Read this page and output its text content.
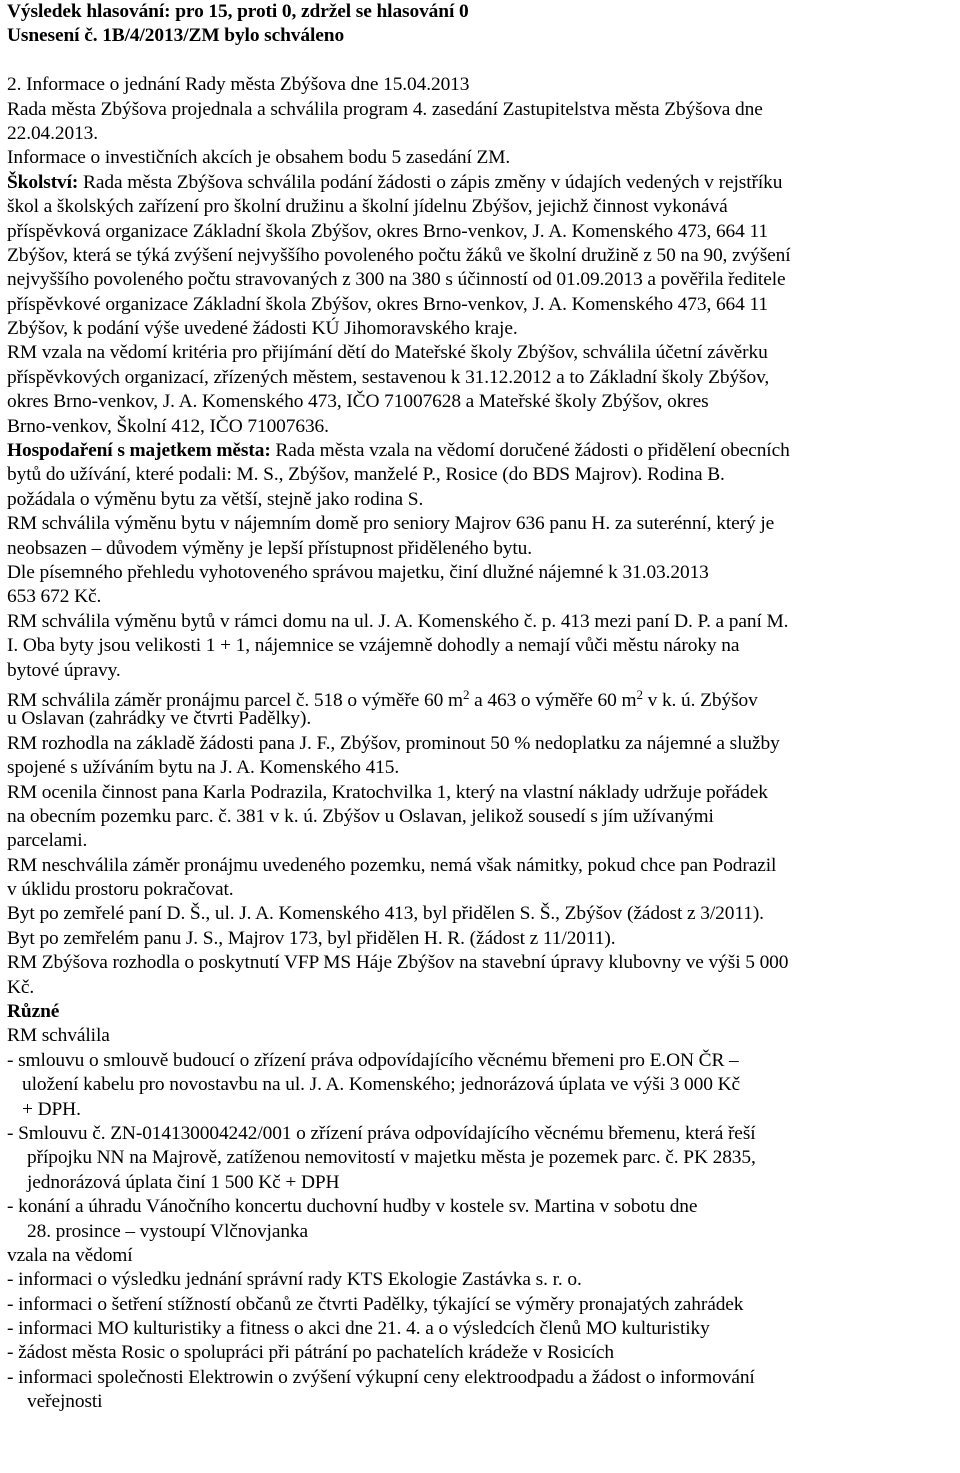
Výsledek hlasování: pro 15, proti 0, zdržel se hlasování 0
Usnesení č. 1B/4/2013/ZM bylo schváleno
2. Informace o jednání Rady města Zbýšova dne 15.04.2013
Rada města Zbýšova projednala a schválila program 4. zasedání Zastupitelstva města Zbýšova dne
22.04.2013.
Informace o investičních akcích je obsahem bodu 5 zasedání ZM.
Školství: Rada města Zbýšova schválila podání žádosti o zápis změny v údajích vedených v rejstříku
škol a školských zařízení pro školní družinu a školní jídelnu Zbýšov, jejichž činnost vykonává
příspěvková organizace Základní škola Zbýšov, okres Brno-venkov, J. A. Komenského 473, 664 11
Zbýšov, která se týká zvýšení nejvyššího povoleného počtu žáků ve školní družině z 50 na 90, zvýšení
nejvyššího povoleného počtu stravovaných z 300 na 380 s účinností od 01.09.2013 a pověřila ředitele
příspěvkové organizace Základní škola Zbýšov, okres Brno-venkov, J. A. Komenského 473, 664 11
Zbýšov, k podání výše uvedené žádosti KÚ Jihomoravského kraje.
RM vzala na vědomí kritéria pro přijímání dětí do Mateřské školy Zbýšov, schválila účetní závěrku
příspěvkových organizací, zřízených městem, sestavenou k 31.12.2012 a to Základní školy Zbýšov,
okres Brno-venkov, J. A. Komenského 473, IČO 71007628 a Mateřské školy Zbýšov, okres
Brno-venkov, Školní 412, IČO 71007636.
Hospodaření s majetkem města: Rada města vzala na vědomí doručené žádosti o přidělení obecních
bytů do užívání, které podali: M. S., Zbýšov, manželé P., Rosice (do BDS Majrov). Rodina B.
požádala o výměnu bytu za větší, stejně jako rodina S.
RM schválila výměnu bytu v nájemním domě pro seniory Majrov 636 panu H. za suterénní, který je
neobsazen – důvodem výměny je lepší přístupnost přiděleného bytu.
Dle písemného přehledu vyhotoveného správou majetku, činí dlužné nájemné k 31.03.2013
653 672 Kč.
RM schválila výměnu bytů v rámci domu na ul. J. A. Komenského č. p. 413 mezi paní D. P. a paní M.
I. Oba byty jsou velikosti 1 + 1, nájemnice se vzájemně dohodly a nemají vůči městu nároky na
bytové úpravy.
RM schválila záměr pronájmu parcel č. 518 o výměře 60 $m^2$ a 463 o výměře 60 $m^2$ v k. ú. Zbýšov
u Oslavan (zahrádky ve čtvrti Padělky).
RM rozhodla na základě žádosti pana J. F., Zbýšov, prominout 50 % nedoplatku za nájemné a služby
spojené s užíváním bytu na J. A. Komenského 415.
RM ocenila činnost pana Karla Podrazila, Kratochvilka 1, který na vlastní náklady udržuje pořádek
na obecním pozemku parc. č. 381 v k. ú. Zbýšov u Oslavan, jelikož sousedí s jím užívanými
parcelami.
RM neschválila záměr pronájmu uvedeného pozemku, nemá však námitky, pokud chce pan Podrazil
v úklidu prostoru pokračovat.
Byt po zemřelé paní D. Š., ul. J. A. Komenského 413, byl přidělen S. Š., Zbýšov (žádost z 3/2011).
Byt po zemřelém panu J. S., Majrov 173, byl přidělen H. R. (žádost z 11/2011).
RM Zbýšova rozhodla o poskytnutí VFP MS Háje Zbýšov na stavební úpravy klubovny ve výši 5 000
Kč.
Různé
RM schválila
- smlouvu o smlouvě budoucí o zřízení práva odpovídajícího věcnému břemeni pro E.ON ČR –
uložení kabelu pro novostavbu na ul. J. A. Komenského; jednorázová úplata ve výši 3 000 Kč
+ DPH.
- Smlouvu č. ZN-014130004242/001 o zřízení práva odpovídajícího věcnému břemenu, která řeší
přípojku NN na Majrově, zatíženou nemovitostí v majetku města je pozemek parc. č. PK 2835,
jednorázová úplata činí 1 500 Kč + DPH
- konání a úhradu Vánočního koncertu duchovní hudby v kostele sv. Martina v sobotu dne
28. prosince – vystoupí Vlčnovjanka
vzala na vědomí
- informaci o výsledku jednání správní rady KTS Ekologie Zastávka s. r. o.
- informaci o šetření stížností občanů ze čtvrti Padělky, týkající se výměry pronajatých zahrádek
- informaci MO kulturistiky a fitness o akci dne 21. 4. a o výsledcích členů MO kulturistiky
- žádost města Rosic o spolupráci při pátrání po pachatelích krádeže v Rosicích
- informaci společnosti Elektrowin o zvýšení výkupní ceny elektroodpadu a žádost o informování
veřejnosti
